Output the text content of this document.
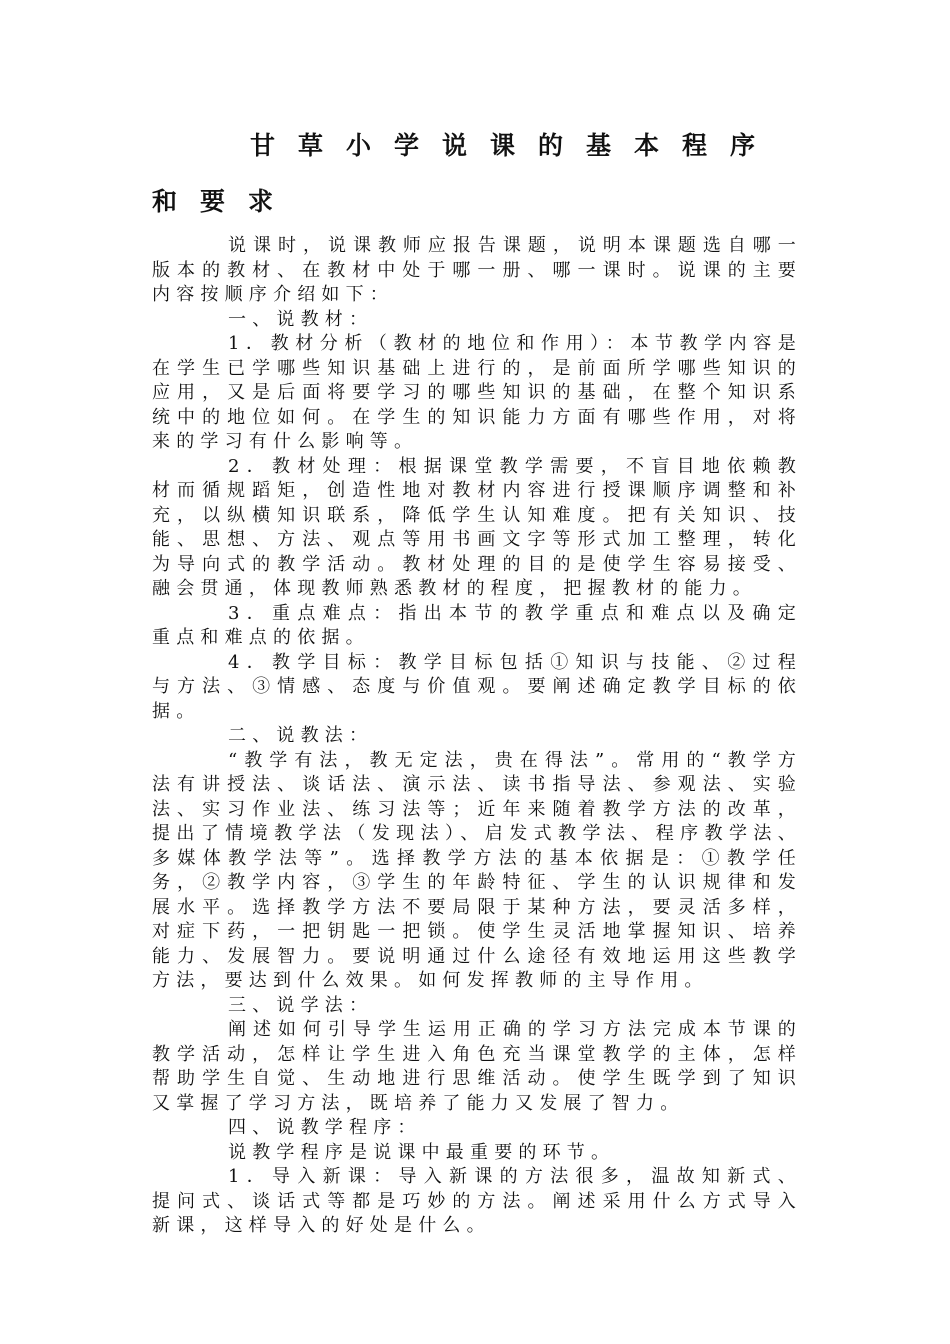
甘草小学说课的基本程序和要求

说课时，说课教师应报告课题，说明本课题选自哪一版本的教材、在教材中处于哪一册、哪一课时。说课的主要内容按顺序介绍如下：

一、说教材：

1．教材分析（教材的地位和作用）：本节教学内容是在学生已学哪些知识基础上进行的，是前面所学哪些知识的应用，又是后面将要学习的哪些知识的基础，在整个知识系统中的地位如何。在学生的知识能力方面有哪些作用，对将来的学习有什么影响等。

2．教材处理：根据课堂教学需要，不盲目地依赖教材而循规蹈矩，创造性地对教材内容进行授课顺序调整和补充，以纵横知识联系，降低学生认知难度。把有关知识、技能、思想、方法、观点等用书画文字等形式加工整理，转化为导向式的教学活动。教材处理的目的是使学生容易接受、融会贯通，体现教师熟悉教材的程度，把握教材的能力。

3．重点难点：指出本节的教学重点和难点以及确定重点和难点的依据。

4．教学目标：教学目标包括①知识与技能、②过程与方法、③情感、态度与价值观。要阐述确定教学目标的依据。

二、说教法：

“教学有法，教无定法，贵在得法”。常用的“教学方法有讲授法、谈话法、演示法、读书指导法、参观法、实验法、实习作业法、练习法等；近年来随着教学方法的改革，提出了情境教学法（发现法）、启发式教学法、程序教学法、多媒体教学法等”。选择教学方法的基本依据是：①教学任务，②教学内容，③学生的年龄特征、学生的认识规律和发展水平。选择教学方法不要局限于某种方法，要灵活多样，对症下药，一把钥匙一把锁。使学生灵活地掌握知识、培养能力、发展智力。要说明通过什么途径有效地运用这些教学方法，要达到什么效果。如何发挥教师的主导作用。

三、说学法：

阐述如何引导学生运用正确的学习方法完成本节课的教学活动，怎样让学生进入角色充当课堂教学的主体，怎样帮助学生自觉、生动地进行思维活动。使学生既学到了知识又掌握了学习方法，既培养了能力又发展了智力。

四、说教学程序：

说教学程序是说课中最重要的环节。

1．导入新课：导入新课的方法很多，温故知新式、提问式、谈话式等都是巧妙的方法。阐述采用什么方式导入新课，这样导入的好处是什么。
